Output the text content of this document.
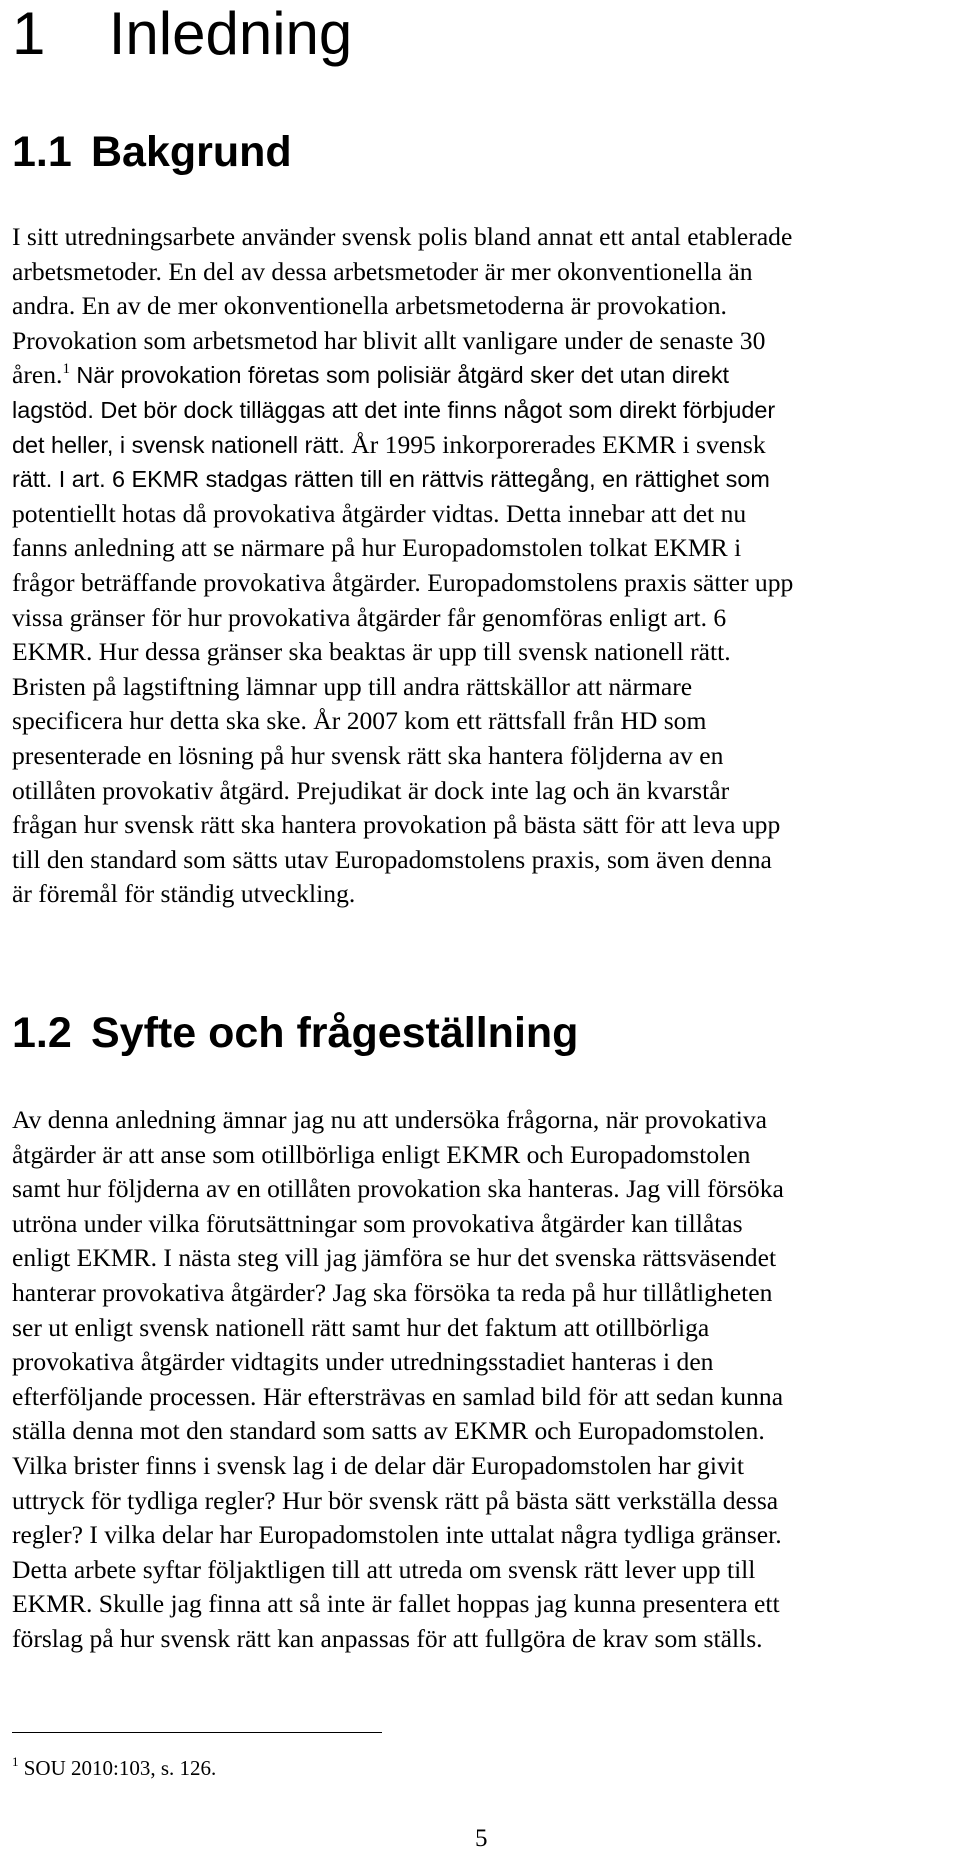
1 Inledning
1.1 Bakgrund
I sitt utredningsarbete använder svensk polis bland annat ett antal etablerade
arbetsmetoder. En del av dessa arbetsmetoder är mer okonventionella än
andra. En av de mer okonventionella arbetsmetoderna är provokation.
Provokation som arbetsmetod har blivit allt vanligare under de senaste 30
åren.$^1$ När provokation företas som polisiär åtgärd sker det utan direkt
lagstöd. Det bör dock tilläggas att det inte finns något som direkt förbjuder
det heller, i svensk nationell rätt. År 1995 inkorporerades EKMR i svensk
rätt. I art. 6 EKMR stadgas rätten till en rättvis rättegång, en rättighet som
potentiellt hotas då provokativa åtgärder vidtas. Detta innebar att det nu
fanns anledning att se närmare på hur Europadomstolen tolkat EKMR i
frågor beträffande provokativa åtgärder. Europadomstolens praxis sätter upp
vissa gränser för hur provokativa åtgärder får genomföras enligt art. 6
EKMR. Hur dessa gränser ska beaktas är upp till svensk nationell rätt.
Bristen på lagstiftning lämnar upp till andra rättskällor att närmare
specificera hur detta ska ske. År 2007 kom ett rättsfall från HD som
presenterade en lösning på hur svensk rätt ska hantera följderna av en
otillåten provokativ åtgärd. Prejudikat är dock inte lag och än kvarstår
frågan hur svensk rätt ska hantera provokation på bästa sätt för att leva upp
till den standard som sätts utav Europadomstolens praxis, som även denna
är föremål för ständig utveckling.
1.2 Syfte och frågeställning
Av denna anledning ämnar jag nu att undersöka frågorna, när provokativa
åtgärder är att anse som otillbörliga enligt EKMR och Europadomstolen
samt hur följderna av en otillåten provokation ska hanteras. Jag vill försöka
utröna under vilka förutsättningar som provokativa åtgärder kan tillåtas
enligt EKMR. I nästa steg vill jag jämföra se hur det svenska rättsväsendet
hanterar provokativa åtgärder? Jag ska försöka ta reda på hur tillåtligheten
ser ut enligt svensk nationell rätt samt hur det faktum att otillbörliga
provokativa åtgärder vidtagits under utredningsstadiet hanteras i den
efterföljande processen. Här eftersträvas en samlad bild för att sedan kunna
ställa denna mot den standard som satts av EKMR och Europadomstolen.
Vilka brister finns i svensk lag i de delar där Europadomstolen har givit
uttryck för tydliga regler? Hur bör svensk rätt på bästa sätt verkställa dessa
regler? I vilka delar har Europadomstolen inte uttalat några tydliga gränser.
Detta arbete syftar följaktligen till att utreda om svensk rätt lever upp till
EKMR. Skulle jag finna att så inte är fallet hoppas jag kunna presentera ett
förslag på hur svensk rätt kan anpassas för att fullgöra de krav som ställs.
$^1$ SOU 2010:103, s. 126.
5
